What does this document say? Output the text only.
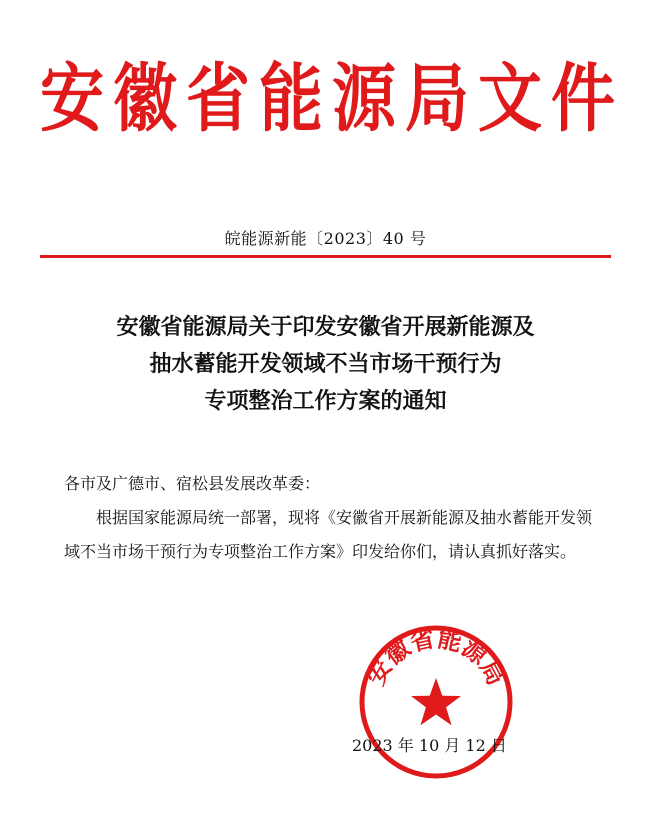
安 徽 省 能 源 局 文 件
皖能源新能〔2023〕40 号
安徽省能源局关于印发安徽省开展新能源及
抽水蓄能开发领域不当市场干预行为
专项整治工作方案的通知
各市及广德市、宿松县发展改革委：

根据国家能源局统一部署，现将《安徽省开展新能源及抽水蓄能开发领域不当市场干预行为专项整治工作方案》印发给你们，请认真抓好落实。

安徽省能源局
2023 年 10 月 12 日
